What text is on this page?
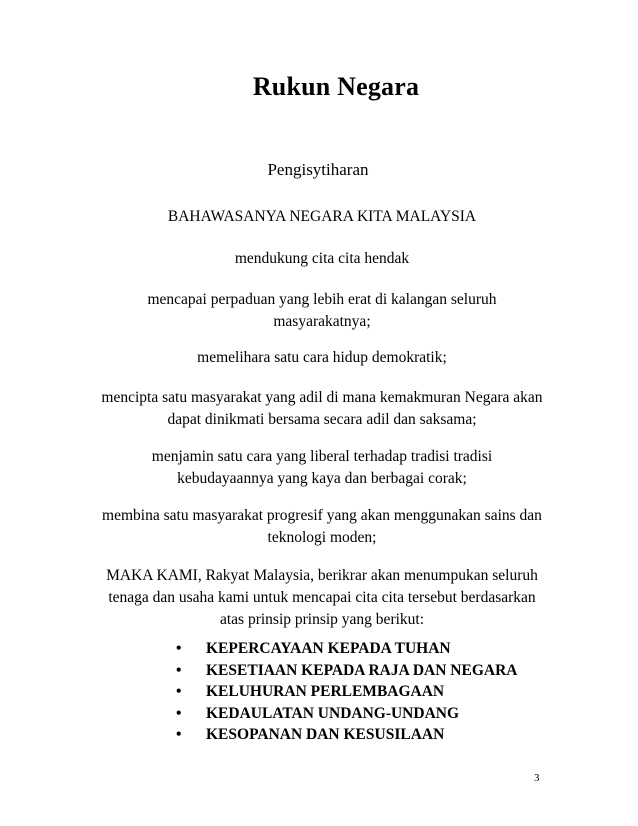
Rukun Negara
Pengisytiharan
BAHAWASANYA NEGARA KITA MALAYSIA
mendukung cita cita hendak
mencapai perpaduan yang lebih erat di kalangan seluruh masyarakatnya;
memelihara satu cara hidup demokratik;
mencipta satu masyarakat yang adil di mana kemakmuran Negara akan dapat dinikmati bersama secara adil dan saksama;
menjamin satu cara yang liberal terhadap tradisi tradisi kebudayaannya yang kaya dan berbagai corak;
membina satu masyarakat progresif yang akan menggunakan sains dan teknologi moden;
MAKA KAMI, Rakyat Malaysia, berikrar akan menumpukan seluruh tenaga dan usaha kami untuk mencapai cita cita tersebut berdasarkan atas prinsip prinsip yang berikut:
• KEPERCAYAAN KEPADA TUHAN
• KESETIAAN KEPADA RAJA DAN NEGARA
• KELUHURAN PERLEMBAGAAN
• KEDAULATAN UNDANG-UNDANG
• KESOPANAN DAN KESUSILAAN
3
